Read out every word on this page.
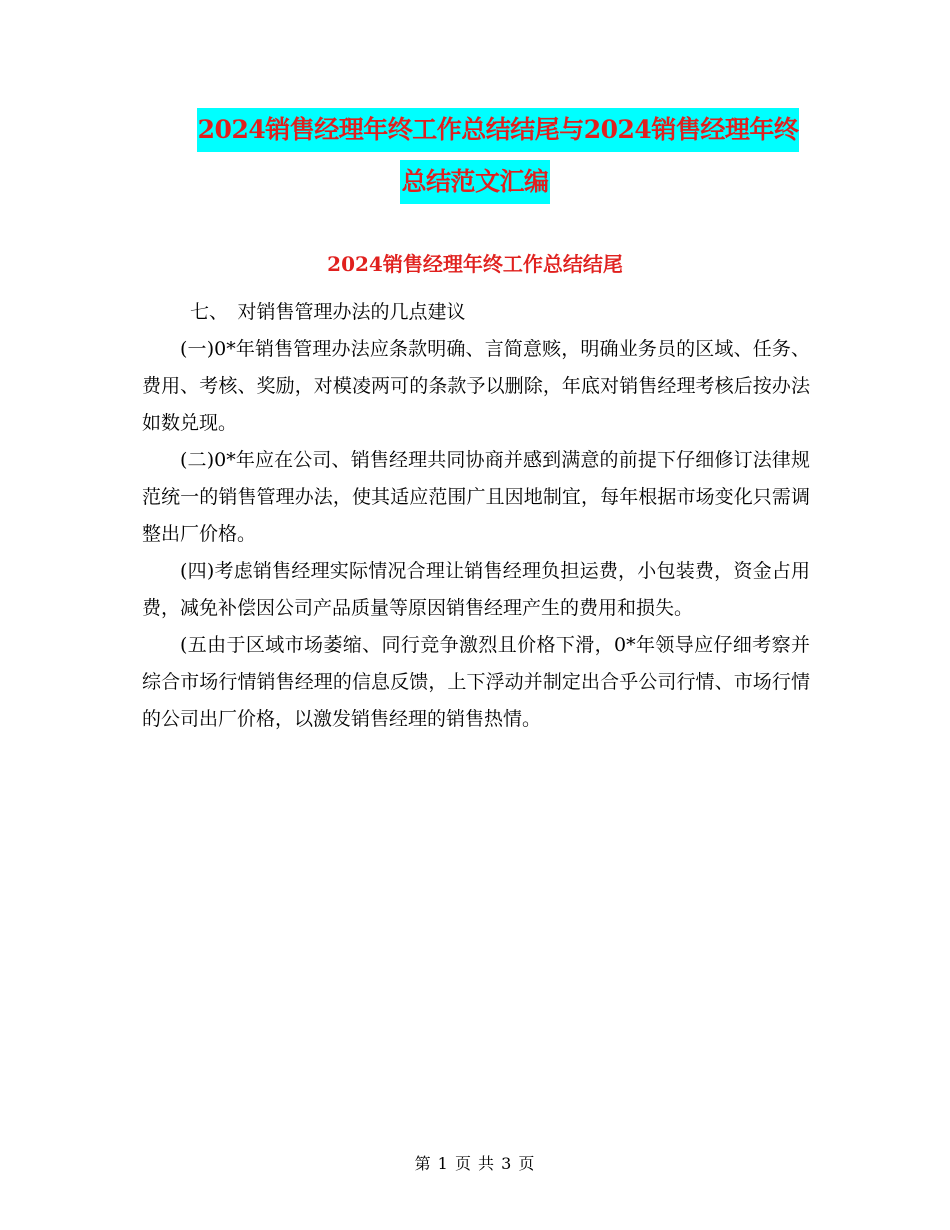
2024销售经理年终工作总结结尾与2024销售经理年终
总结范文汇编
2024销售经理年终工作总结结尾

七、　对销售管理办法的几点建议

(一)0*年销售管理办法应条款明确、言简意赅，明确业务员的区域、任务、费用、考核、奖励，对模凌两可的条款予以删除，年底对销售经理考核后按办法如数兑现。

(二)0*年应在公司、销售经理共同协商并感到满意的前提下仔细修订法律规范统一的销售管理办法，使其适应范围广且因地制宜，每年根据市场变化只需调整出厂价格。

(四)考虑销售经理实际情况合理让销售经理负担运费，小包装费，资金占用费，减免补偿因公司产品质量等原因销售经理产生的费用和损失。

(五由于区域市场萎缩、同行竞争激烈且价格下滑，0*年领导应仔细考察并综合市场行情销售经理的信息反馈，上下浮动并制定出合乎公司行情、市场行情的公司出厂价格，以激发销售经理的销售热情。

第 1 页 共 3 页
